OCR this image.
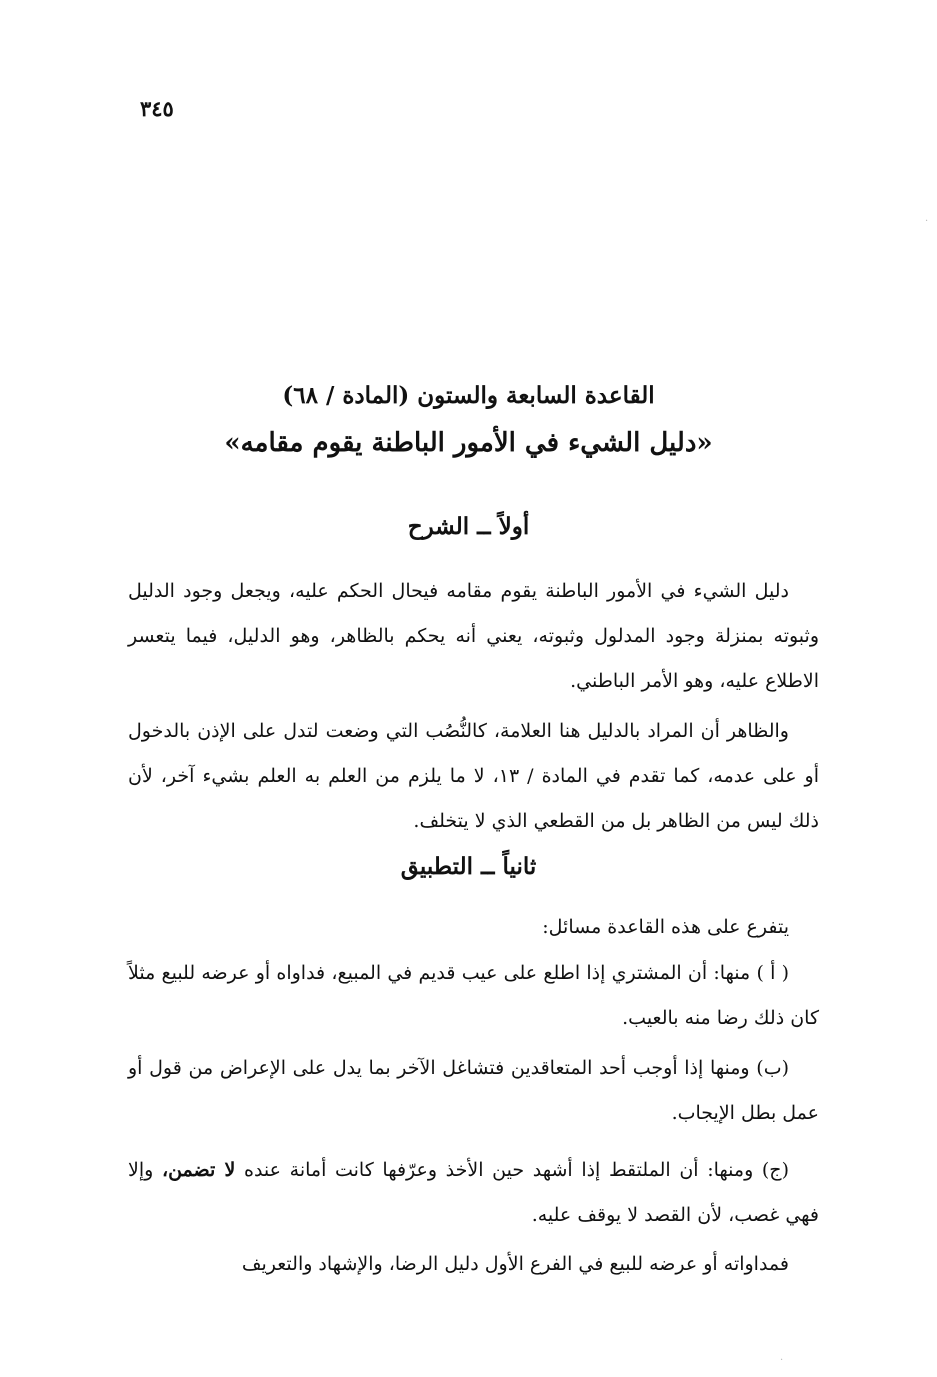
٣٤٥
القاعدة السابعة والستون (المادة / ٦٨)
«دليل الشيء في الأمور الباطنة يقوم مقامه»
أولاً ــ الشرح

دليل الشيء في الأمور الباطنة يقوم مقامه فيحال الحكم عليه، ويجعل وجود الدليل وثبوته بمنزلة وجود المدلول وثبوته، يعني أنه يحكم بالظاهر، وهو الدليل، فيما يتعسر الاطلاع عليه، وهو الأمر الباطني.

والظاهر أن المراد بالدليل هنا العلامة، كالنُّصُب التي وضعت لتدل على الإذن بالدخول أو على عدمه، كما تقدم في المادة / ١٣، لا ما يلزم من العلم به العلم بشيء آخر، لأن ذلك ليس من الظاهر بل من القطعي الذي لا يتخلف.

ثانياً ــ التطبيق

يتفرع على هذه القاعدة مسائل:

( أ ) منها: أن المشتري إذا اطلع على عيب قديم في المبيع، فداواه أو عرضه للبيع مثلاً كان ذلك رضا منه بالعيب.

(ب) ومنها إذا أوجب أحد المتعاقدين فتشاغل الآخر بما يدل على الإعراض من قول أو عمل بطل الإيجاب.

(ج) ومنها: أن الملتقط إذا أشهد حين الأخذ وعرّفها كانت أمانة عنده لا تضمن، وإلا فهي غصب، لأن القصد لا يوقف عليه.

فمداواته أو عرضه للبيع في الفرع الأول دليل الرضا، والإشهاد والتعريف

·
·
